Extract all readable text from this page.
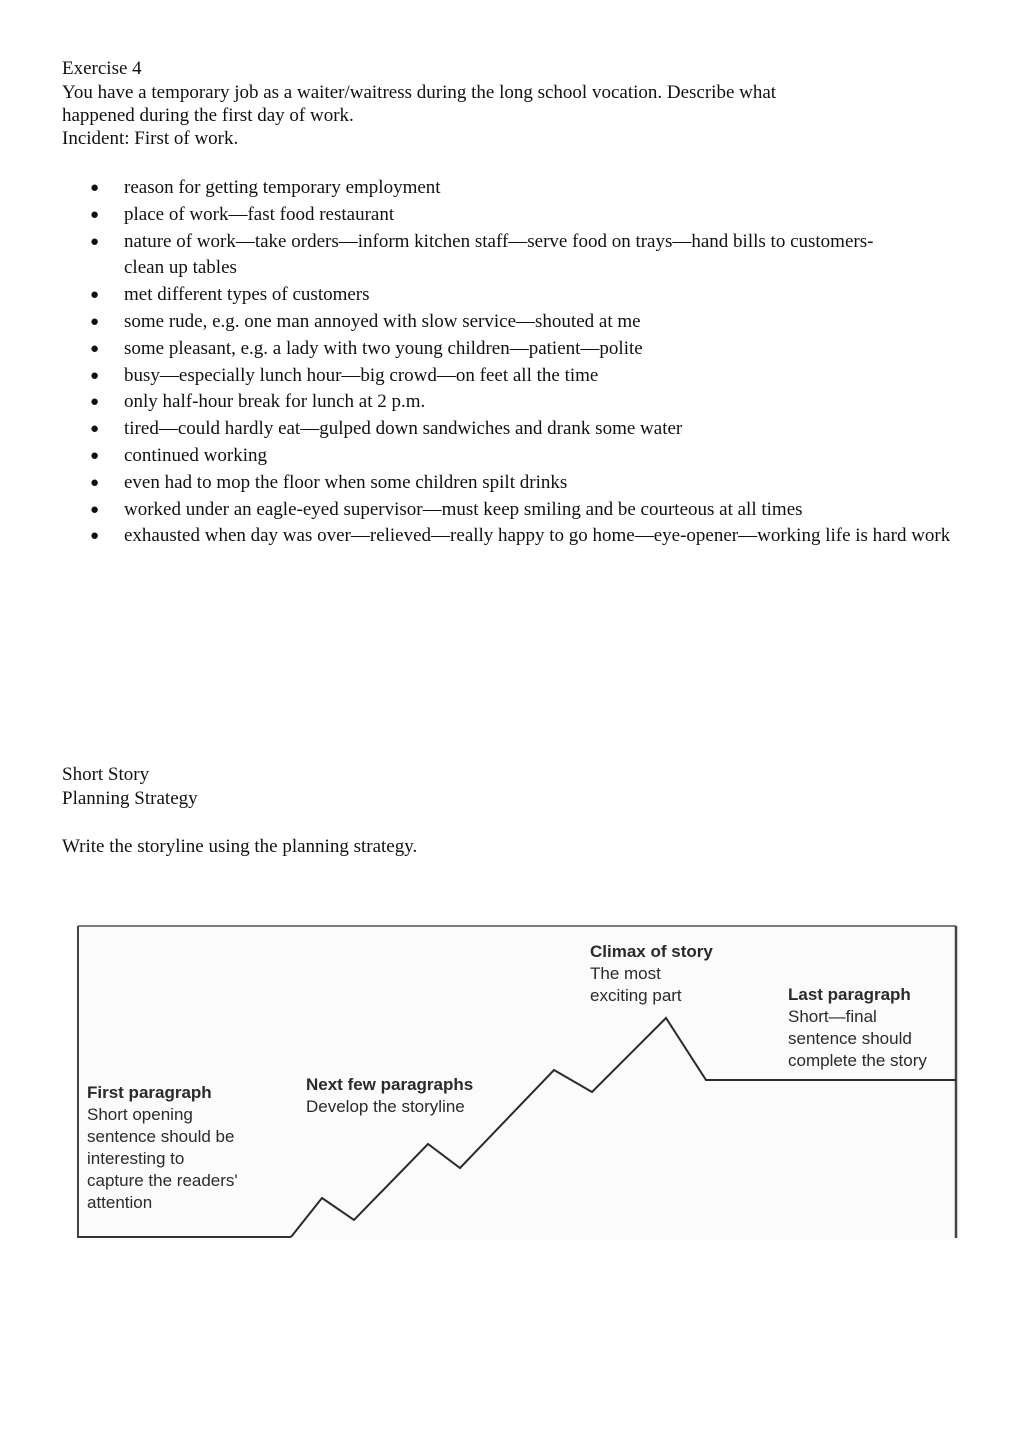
Exercise 4
You have a temporary job as a waiter/waitress during the long school vocation. Describe what
happened during the first day of work.
Incident: First of work.
● reason for getting temporary employment
● place of work—fast food restaurant
● nature of work—take orders—inform kitchen staff—serve food on trays—hand bills to customers-
clean up tables
● met different types of customers
● some rude, e.g. one man annoyed with slow service—shouted at me
● some pleasant, e.g. a lady with two young children—patient—polite
● busy—especially lunch hour—big crowd—on feet all the time
● only half-hour break for lunch at 2 p.m.
● tired—could hardly eat—gulped down sandwiches and drank some water
● continued working
● even had to mop the floor when some children spilt drinks
● worked under an eagle-eyed supervisor—must keep smiling and be courteous at all times
● exhausted when day was over—relieved—really happy to go home—eye-opener—working life is hard work
Short Story
Planning Strategy
Write the storyline using the planning strategy.
First paragraph
Short opening
sentence should be
interesting to
capture the readers'
attention
Next few paragraphs
Develop the storyline
Climax of story
The most
exciting part	Last paragraph
Short—final
sentence should
complete the story
